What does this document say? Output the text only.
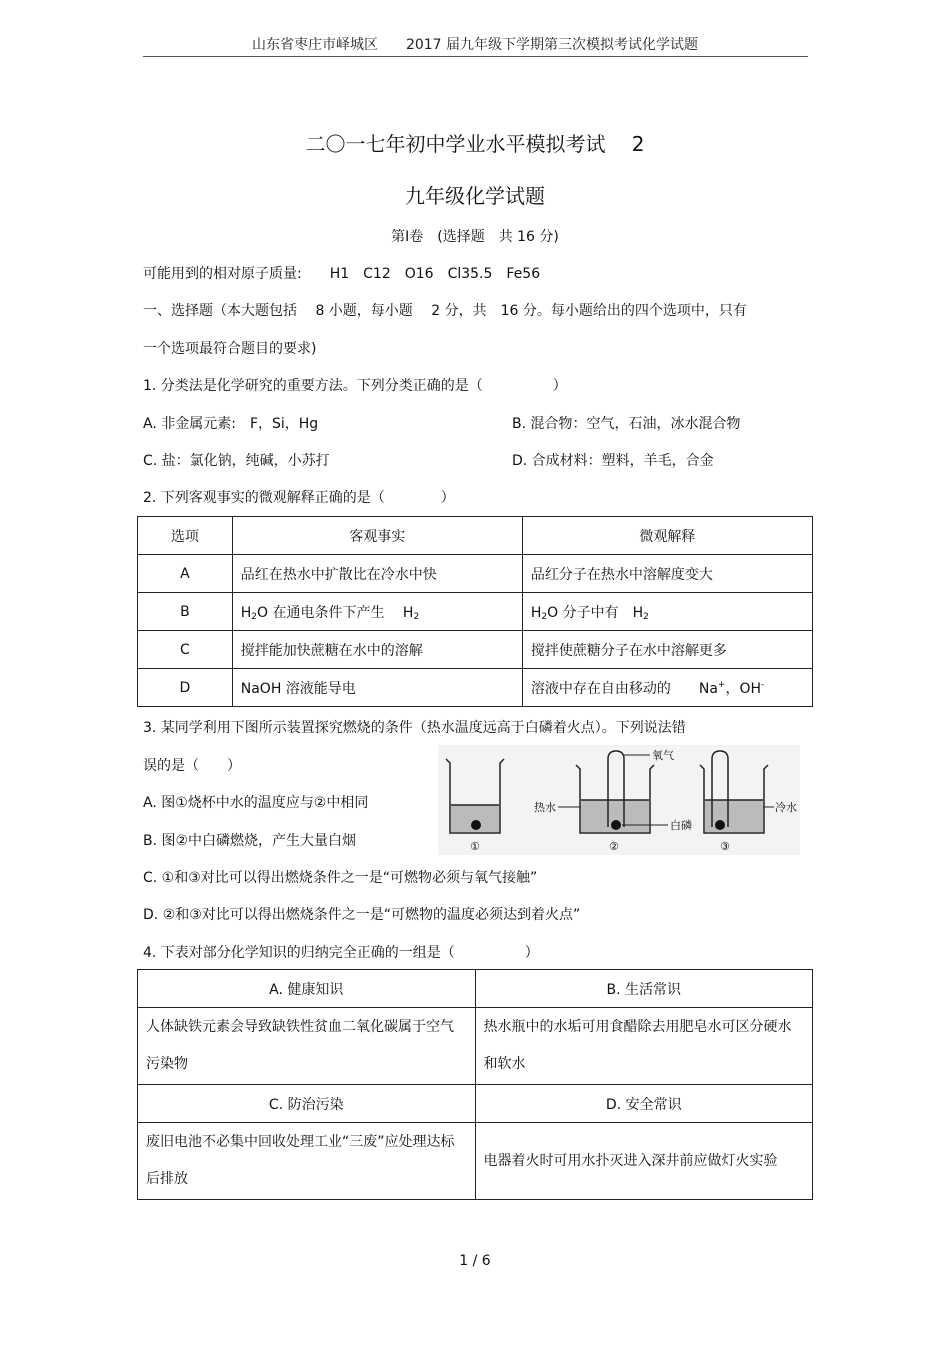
山东省枣庄市峄城区　　2017 届九年级下学期第三次模拟考试化学试题
二〇一七年初中学业水平模拟考试　 2
九年级化学试题
第Ⅰ卷　(选择题　共 16 分)
可能用到的相对原子质量:　　H1　C12　O16　Cl35.5　Fe56
一、选择题（本大题包括　 8 小题，每小题　 2 分，共　16 分。每小题给出的四个选项中，只有
一个选项最符合题目的要求)
1. 分类法是化学研究的重要方法。下列分类正确的是（　　　　　）
A. 非金属元素:　F，Si，Hg	B. 混合物：空气，石油，冰水混合物
C. 盐：氯化钠，纯碱，小苏打	D. 合成材料：塑料，羊毛，合金
2. 下列客观事实的微观解释正确的是（　　　　）
选项	客观事实	微观解释
A	品红在热水中扩散比在冷水中快	品红分子在热水中溶解度变大
B	$H_2O$ 在通电条件下产生　 $H_2$	$H_2O$ 分子中有　$H_2$
C	搅拌能加快蔗糖在水中的溶解	搅拌使蔗糖分子在水中溶解更多
D	NaOH 溶液能导电	溶液中存在自由移动的　　Na+，OH-
3. 某同学利用下图所示装置探究燃烧的条件（热水温度远高于白磷着火点）。下列说法错
误的是（　　）
A. 图①烧杯中水的温度应与②中相同
B. 图②中白磷燃烧，产生大量白烟
C. ①和③对比可以得出燃烧条件之一是“可燃物必须与氧气接触”
D. ②和③对比可以得出燃烧条件之一是“可燃物的温度必须达到着火点”
①
氧气
热水
白磷
②
冷水
③
4. 下表对部分化学知识的归纳完全正确的一组是（　　　　　）
A. 健康知识	B. 生活常识
人体缺铁元素会导致缺铁性贫血二氧化碳属于空气污染物	热水瓶中的水垢可用食醋除去用肥皂水可区分硬水和软水
C. 防治污染	D. 安全常识
废旧电池不必集中回收处理工业“三废”应处理达标后排放	电器着火时可用水扑灭进入深井前应做灯火实验
1 / 6
